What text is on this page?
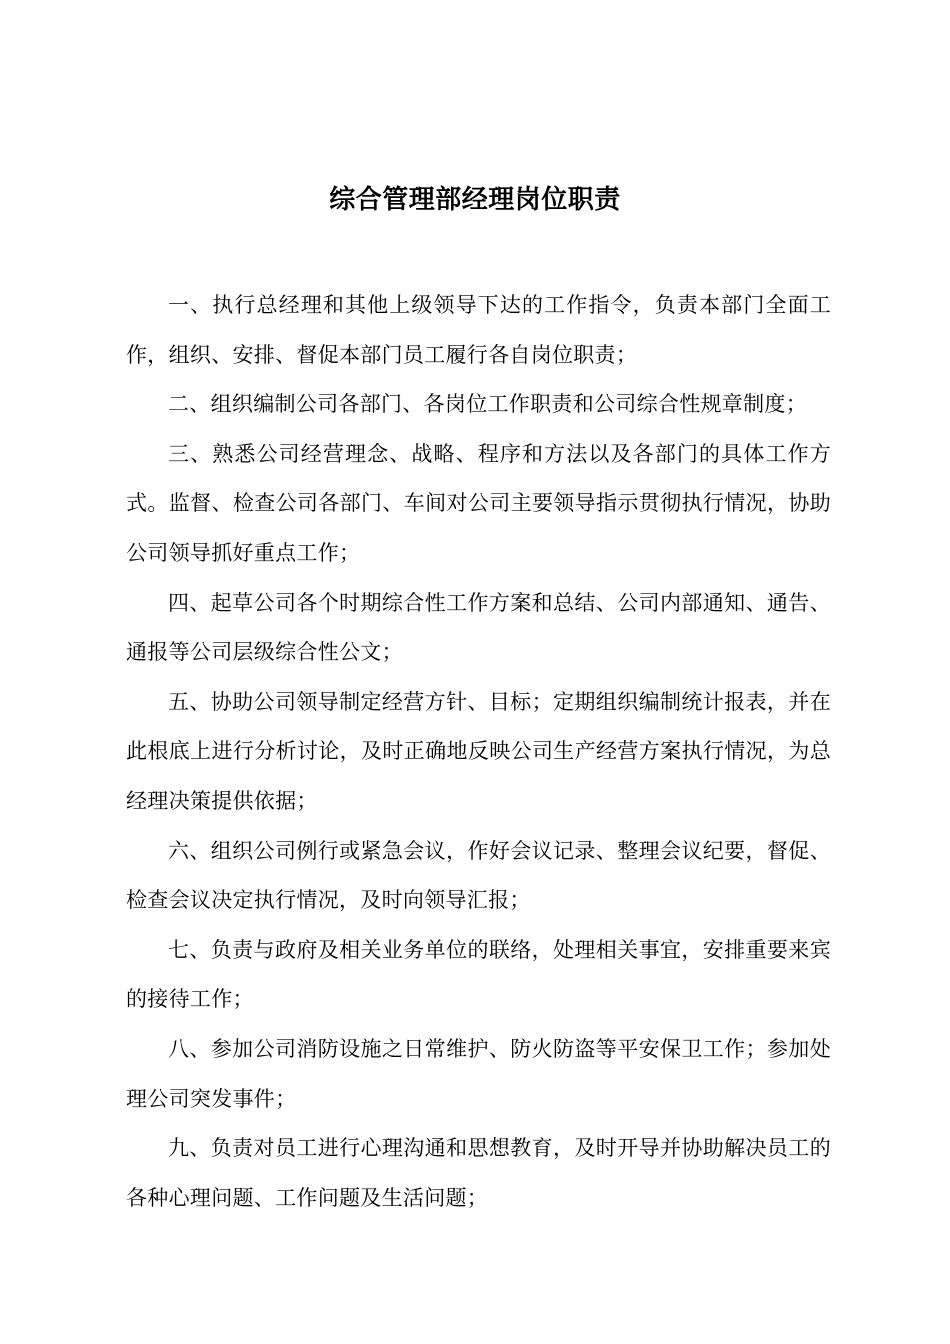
综合管理部经理岗位职责

一、执行总经理和其他上级领导下达的工作指令，负责本部门全面工作，组织、安排、督促本部门员工履行各自岗位职责；

二、组织编制公司各部门、各岗位工作职责和公司综合性规章制度；

三、熟悉公司经营理念、战略、程序和方法以及各部门的具体工作方式。监督、检查公司各部门、车间对公司主要领导指示贯彻执行情况，协助公司领导抓好重点工作；

四、起草公司各个时期综合性工作方案和总结、公司内部通知、通告、通报等公司层级综合性公文；

五、协助公司领导制定经营方针、目标；定期组织编制统计报表，并在此根底上进行分析讨论，及时正确地反映公司生产经营方案执行情况，为总经理决策提供依据；

六、组织公司例行或紧急会议，作好会议记录、整理会议纪要，督促、检查会议决定执行情况，及时向领导汇报；

七、负责与政府及相关业务单位的联络，处理相关事宜，安排重要来宾的接待工作；

八、参加公司消防设施之日常维护、防火防盗等平安保卫工作；参加处理公司突发事件；

九、负责对员工进行心理沟通和思想教育，及时开导并协助解决员工的各种心理问题、工作问题及生活问题；
